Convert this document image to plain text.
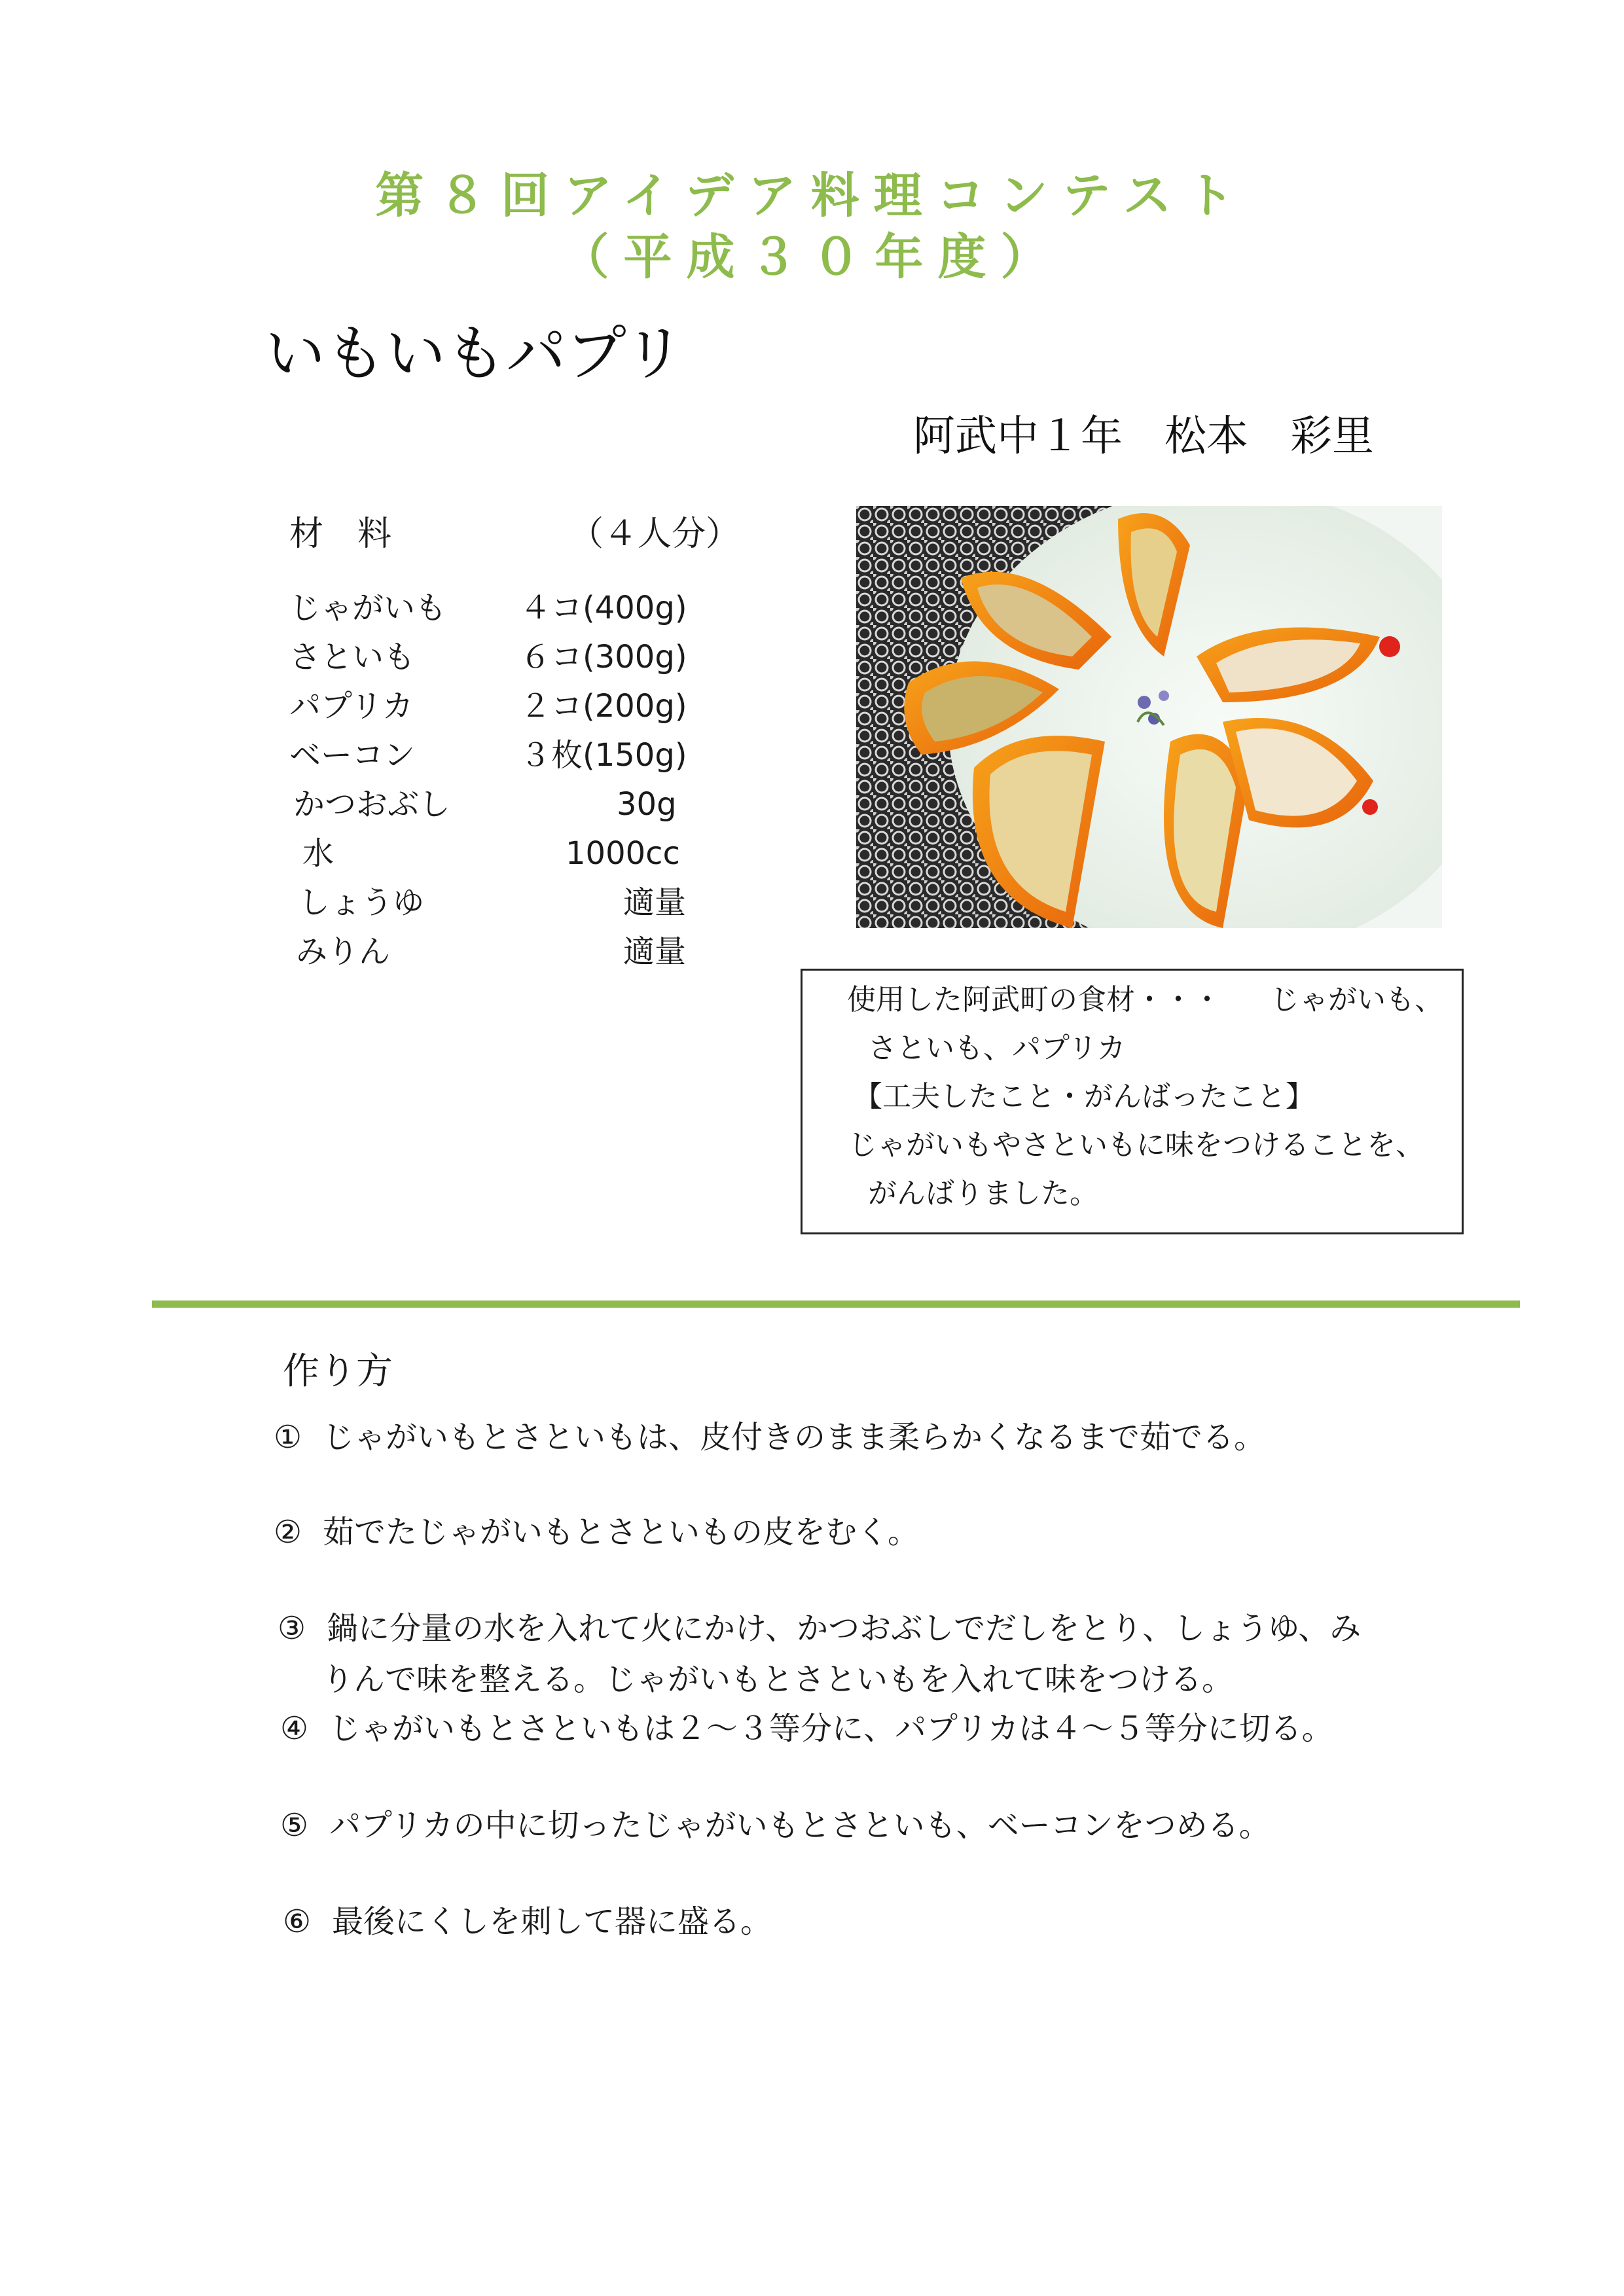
第８回アイデア料理コンテスト
（平成３０年度）
いもいもパプリ
阿武中１年　松本　彩里
材　料	（４人分）
じゃがいも ４コ(400g)
さといも	６コ(300g)
パプリカ	２コ(200g)
ベーコン	３枚(150g)
かつおぶし	30g
水	1000cc
しょうゆ	適量
みりん	適量
使用した阿武町の食材・・・ じゃがいも、
さといも、パプリカ
【工夫したこと・がんばったこと】
じゃがいもやさといもに味をつけることを、
がんばりました。
作り方
① じゃがいもとさといもは、皮付きのまま柔らかくなるまで茹でる。
② 茹でたじゃがいもとさといもの皮をむく。
③ 鍋に分量の水を入れて火にかけ、かつおぶしでだしをとり、しょうゆ、み
りんで味を整える。じゃがいもとさといもを入れて味をつける。
④ じゃがいもとさといもは２～３等分に、パプリカは４～５等分に切る。
⑤ パプリカの中に切ったじゃがいもとさといも、ベーコンをつめる。
⑥ 最後にくしを刺して器に盛る。
